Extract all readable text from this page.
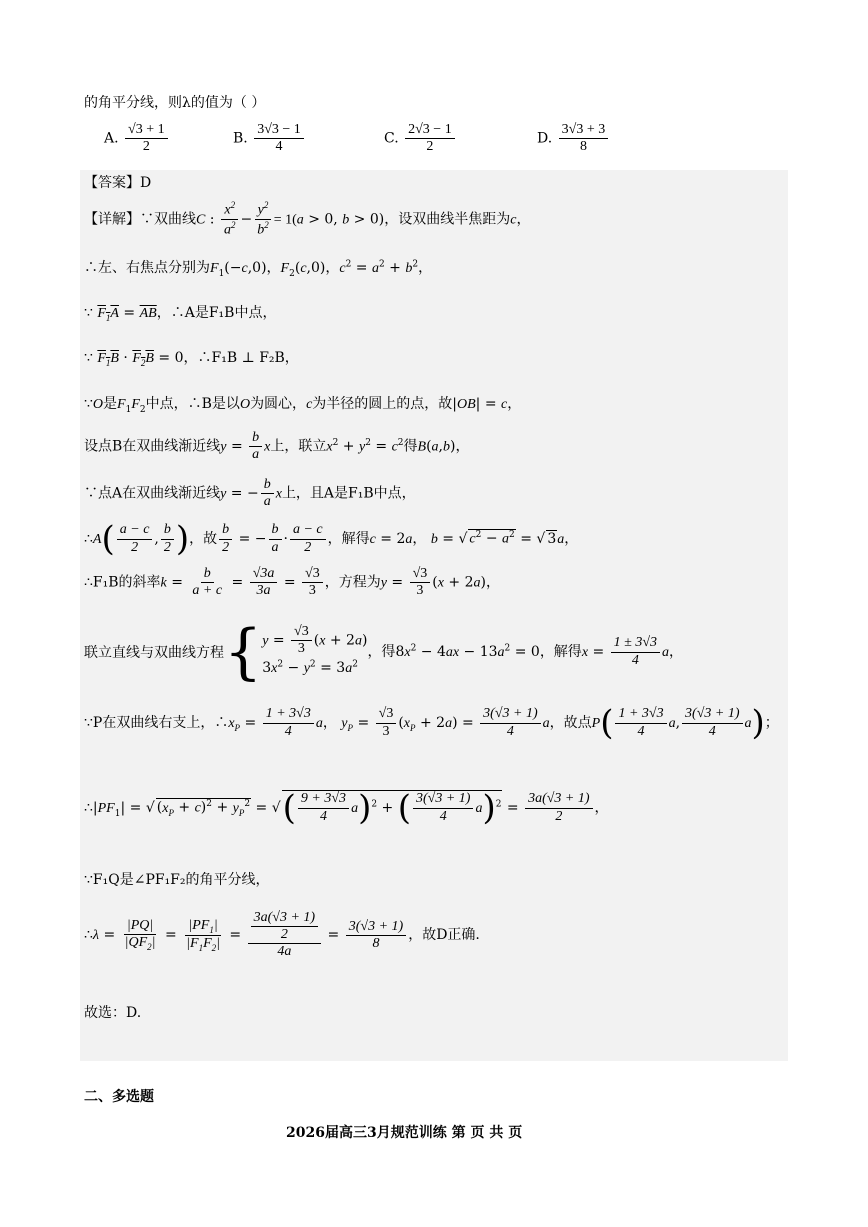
的角平分线，则λ的值为（ ）
A. $\frac{√3 + 1}{2}$	B. $\frac{3√3 - 1}{4}$	C. $\frac{2√3 - 1}{2}$	D. $\frac{3√3 + 3}{8}$
【答案】D
【详解】∵双曲线C : $\frac{x^2}{a^2} - \frac{y^2}{b^2} = 1(a > 0$, b > 0)，设双曲线半焦距为c，
∴左、右焦点分别为$F_1(-c,0)$，$F_2(c,0)$，$c^2 = a^2 + b^2$，
∵ $F_1A = \overline{AB}$，∴A是F₁B中点，
∵ $F_1B \cdot F_2B = 0$，∴F₁B ⊥ F₂B，
∵O是$F_1F_2$中点，∴B是以O为圆心，c为半径的圆上的点，故|OB| = c，
设点B在双曲线渐近线$y = \frac{b}{a}$ x上，联立$x^2 + y^2 = c^2$得B(a,b)，
∵点A在双曲线渐近线y = − $\frac{b}{a}$ x上，且A是F₁B中点，
∴A( $\frac{a - c}{2}$ , $\frac{b}{2}$ )，故 $\frac{b}{2}$ = − $\frac{b}{a} \cdot \frac{a - c}{2}$ ，解得c = 2a， b = √ $c^2 - a^2$ = √ 3a，
∴F₁B的斜率$k = \frac{b}{a + c} = \frac{√3a}{3a} = \frac{√3}{3}$ ，方程为$y = \frac{√3}{3} (x + 2a)$，
联立直线与双曲线方程{ $y = \frac{√3}{3} (x + 2a)$
$3x^2 - y^2 = 3a^2$
，得$8x^2 - 4ax - 13a^2 = 0$，解得$x = \frac{1 \pm 3√3}{4}$ a，
∵P在双曲线右支上，$\therefore x_P = \frac{1 + 3√3}{4}$ a， $y_P = \frac{√3}{3} (x_P + 2a) = \frac{3(√3 + 1)}{4}$ a，故点$P( \frac{1 + 3√3}{4} a$, $\frac{3(√3 + 1)}{4} a$)；
$\therefore|PF_1|$ = √ $(x_P + c)^2 + y_P^2$ = √( $\frac{9 + 3√3}{4} a)^2$ + ( $\frac{3(√3 + 1)}{4} a)^2 = \frac{3a(√3 + 1)}{2}$ ，
∵F₁Q是∠PF₁F₂的角平分线，
∴λ = $\frac{|PQ|}{|QF_2|} = \frac{|PF_1|}{|F_1F_2|} = \frac{\frac{3a(√3 + 1)}{2}}{4a} = \frac{3(√3 + 1)}{8}$ ，故D正确.
故选：D.
二、多选题
2026届高三3月规范训练 第 页 共 页
